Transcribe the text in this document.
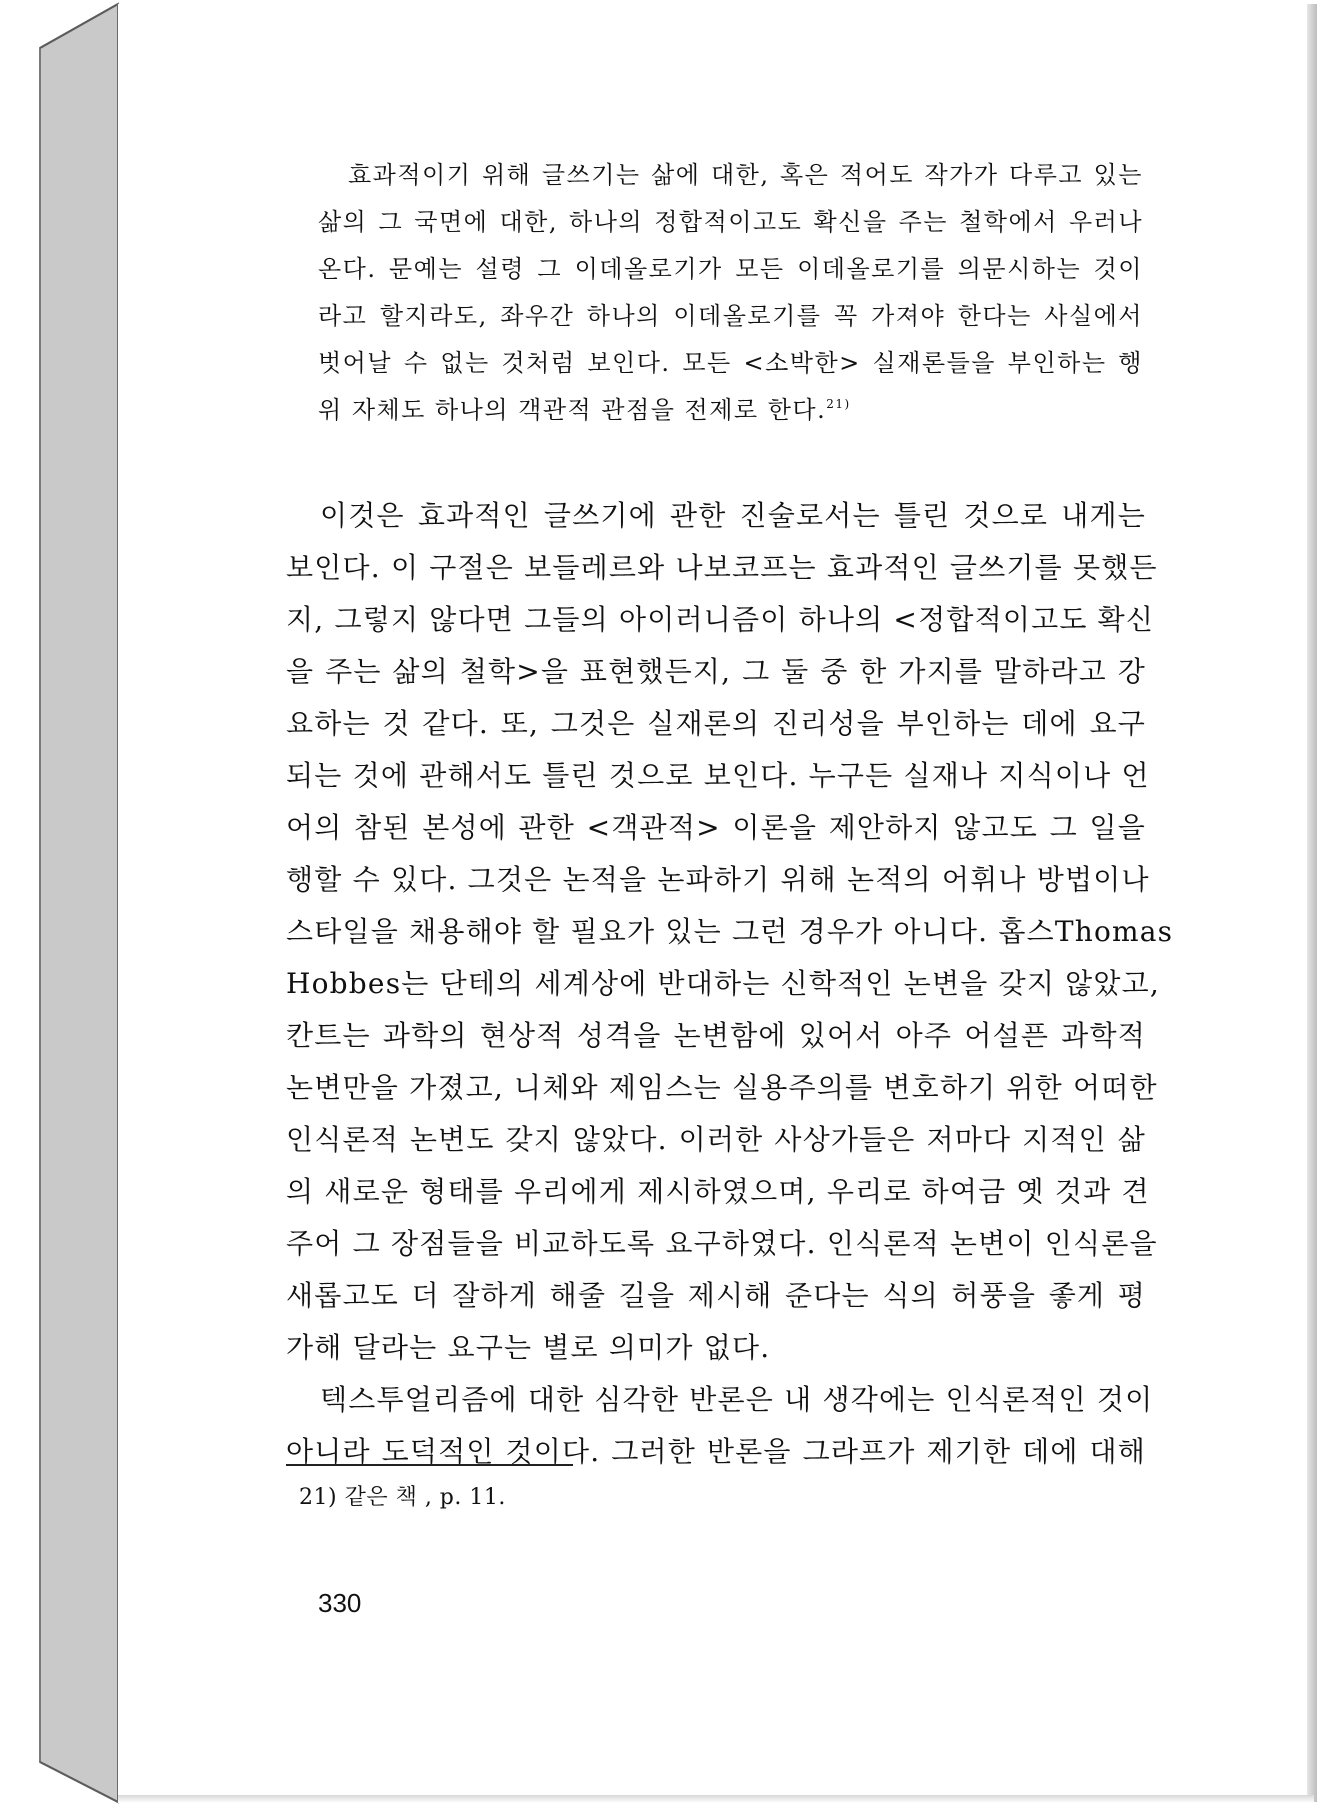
효과적이기 위해 글쓰기는 삶에 대한, 혹은 적어도 작가가 다루고 있는
삶의 그 국면에 대한, 하나의 정합적이고도 확신을 주는 철학에서 우러나
온다. 문예는 설령 그 이데올로기가 모든 이데올로기를 의문시하는 것이
라고 할지라도, 좌우간 하나의 이데올로기를 꼭 가져야 한다는 사실에서
벗어날 수 없는 것처럼 보인다. 모든 <소박한> 실재론들을 부인하는 행
위 자체도 하나의 객관적 관점을 전제로 한다.$^{21)}$
이것은 효과적인 글쓰기에 관한 진술로서는 틀린 것으로 내게는
보인다. 이 구절은 보들레르와 나보코프는 효과적인 글쓰기를 못했든
지, 그렇지 않다면 그들의 아이러니즘이 하나의 <정합적이고도 확신
을 주는 삶의 철학>을 표현했든지, 그 둘 중 한 가지를 말하라고 강
요하는 것 같다. 또, 그것은 실재론의 진리성을 부인하는 데에 요구
되는 것에 관해서도 틀린 것으로 보인다. 누구든 실재나 지식이나 언
어의 참된 본성에 관한 <객관적> 이론을 제안하지 않고도 그 일을
행할 수 있다. 그것은 논적을 논파하기 위해 논적의 어휘나 방법이나
스타일을 채용해야 할 필요가 있는 그런 경우가 아니다. 홉스Thomas
Hobbes는 단테의 세계상에 반대하는 신학적인 논변을 갖지 않았고,
칸트는 과학의 현상적 성격을 논변함에 있어서 아주 어설픈 과학적
논변만을 가졌고, 니체와 제임스는 실용주의를 변호하기 위한 어떠한
인식론적 논변도 갖지 않았다. 이러한 사상가들은 저마다 지적인 삶
의 새로운 형태를 우리에게 제시하였으며, 우리로 하여금 옛 것과 견
주어 그 장점들을 비교하도록 요구하였다. 인식론적 논변이 인식론을
새롭고도 더 잘하게 해줄 길을 제시해 준다는 식의 허풍을 좋게 평
가해 달라는 요구는 별로 의미가 없다.
텍스투얼리즘에 대한 심각한 반론은 내 생각에는 인식론적인 것이
아니라 도덕적인 것이다. 그러한 반론을 그라프가 제기한 데에 대해
21) 같은 책 , p. 11.
330
